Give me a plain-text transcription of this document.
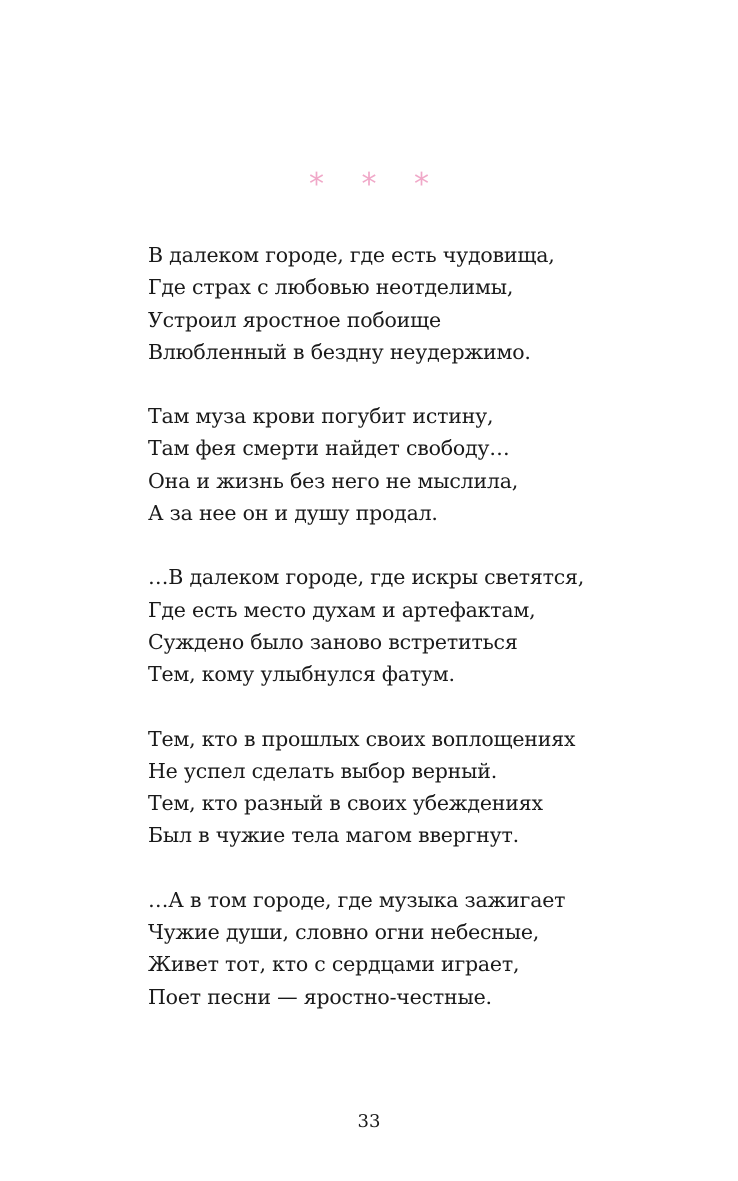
* * *
В далеком городе, где есть чудовища,
Где страх с любовью неотделимы,
Устроил яростное побоище
Влюбленный в бездну неудержимо.
Там муза крови погубит истину,
Там фея смерти найдет свободу…
Она и жизнь без него не мыслила,
А за нее он и душу продал.
…В далеком городе, где искры светятся,
Где есть место духам и артефактам,
Суждено было заново встретиться
Тем, кому улыбнулся фатум.
Тем, кто в прошлых своих воплощениях
Не успел сделать выбор верный.
Тем, кто разный в своих убеждениях
Был в чужие тела магом ввергнут.
…А в том городе, где музыка зажигает
Чужие души, словно огни небесные,
Живет тот, кто с сердцами играет,
Поет песни — яростно-честные.
33
